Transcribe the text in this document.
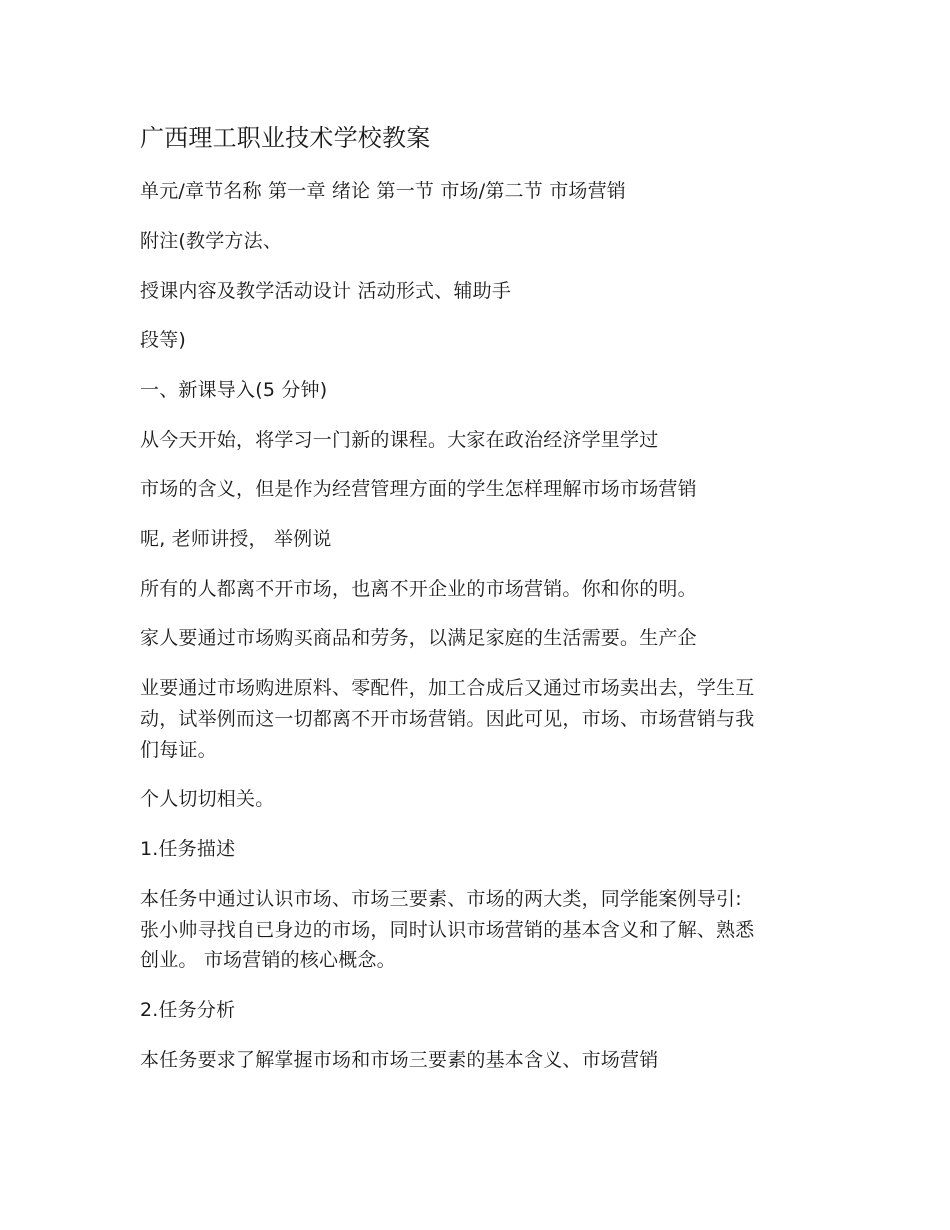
广西理工职业技术学校教案
单元/章节名称 第一章 绪论 第一节 市场/第二节 市场营销
附注(教学方法、
授课内容及教学活动设计 活动形式、辅助手
段等)
一、新课导入(5 分钟)
从今天开始，将学习一门新的课程。大家在政治经济学里学过
市场的含义，但是作为经营管理方面的学生怎样理解市场市场营销
呢, 老师讲授， 举例说
所有的人都离不开市场，也离不开企业的市场营销。你和你的明。
家人要通过市场购买商品和劳务，以满足家庭的生活需要。生产企
业要通过市场购进原料、零配件，加工合成后又通过市场卖出去，学生互
动，试举例而这一切都离不开市场营销。因此可见，市场、市场营销与我
们每证。
个人切切相关。
1.任务描述
本任务中通过认识市场、市场三要素、市场的两大类，同学能案例导引:
张小帅寻找自已身边的市场，同时认识市场营销的基本含义和了解、熟悉
创业。 市场营销的核心概念。
2.任务分析
本任务要求了解掌握市场和市场三要素的基本含义、市场营销
